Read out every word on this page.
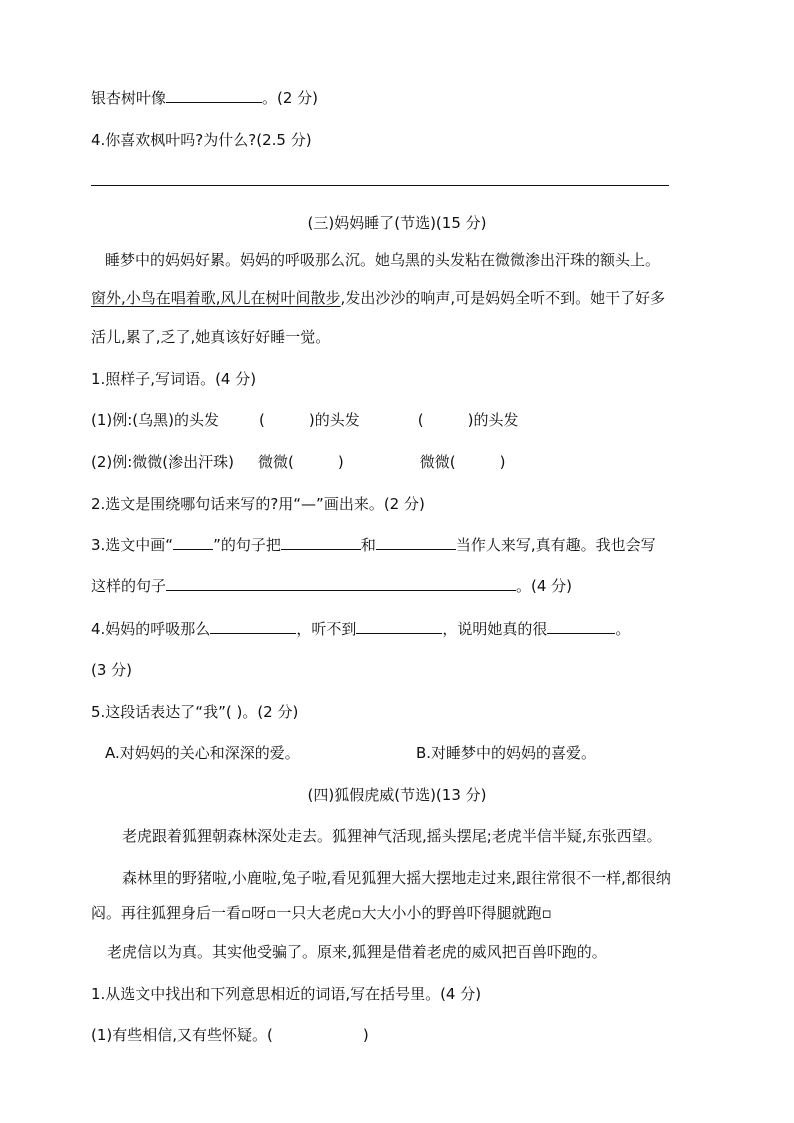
银杏树叶像	。(2 分)
4.你喜欢枫叶吗?为什么?(2.5 分)
(三)妈妈睡了(节选)(15 分)
睡梦中的妈妈好累。妈妈的呼吸那么沉。她乌黑的头发粘在微微渗出汗珠的额头上。
窗外,小鸟在唱着歌,风儿在树叶间散步,发出沙沙的响声,可是妈妈全听不到。她干了好多
活儿,累了,乏了,她真该好好睡一觉。
1.照样子,写词语。(4 分)
(1)例:(乌黑)的头发	(	)的头发	(	)的头发
(2)例:微微(渗出汗珠) 微微(	)	微微(	)
2.选文是围绕哪句话来写的?用“—”画出来。(2 分)
3.选文中画“	”的句子把	和	当作人来写,真有趣。我也会写
这样的句子	。(4 分)
4.妈妈的呼吸那么	，听不到	，说明她真的很	。
(3 分)
5.这段话表达了“我”( )。(2 分)
A.对妈妈的关心和深深的爱。	B.对睡梦中的妈妈的喜爱。
(四)狐假虎威(节选)(13 分)
老虎跟着狐狸朝森林深处走去。狐狸神气活现,摇头摆尾;老虎半信半疑,东张西望。
森林里的野猪啦,小鹿啦,兔子啦,看见狐狸大摇大摆地走过来,跟往常很不一样,都很纳
闷。再往狐狸身后一看▫呀▫一只大老虎▫大大小小的野兽吓得腿就跑▫
老虎信以为真。其实他受骗了。原来,狐狸是借着老虎的威风把百兽吓跑的。
1.从选文中找出和下列意思相近的词语,写在括号里。(4 分)
(1)有些相信,又有些怀疑。(	)
